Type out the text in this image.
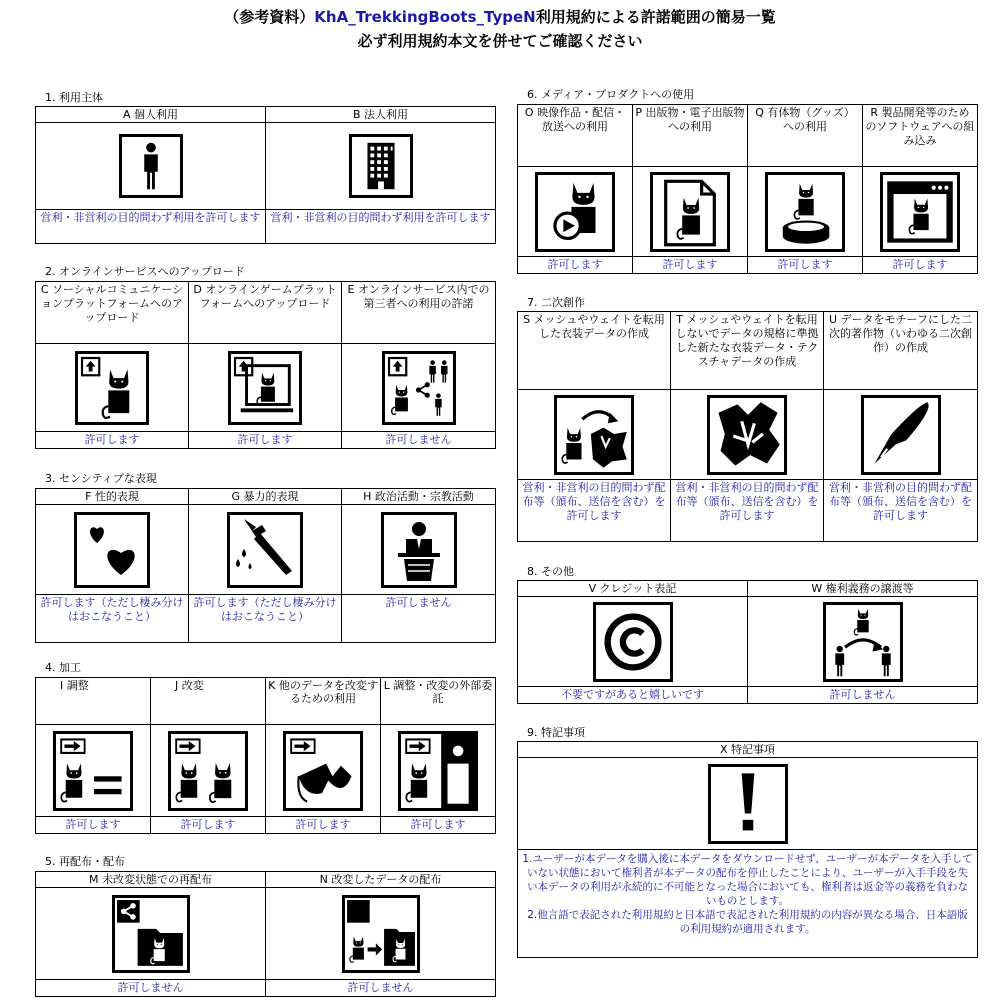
（参考資料）KhA_TrekkingBoots_TypeN利用規約による許諾範囲の簡易一覧
必ず利用規約本文を併せてご確認ください
1. 利用主体
A 個人利用	B 法人利用

営利・非営利の目的問わず利用を許可します	営利・非営利の目的問わず利用を許可します
2. オンラインサービスへのアップロード
C ソーシャルコミュニケーションプラットフォームへのアップロード	D オンラインゲームプラットフォームへのアップロード	E オンラインサービス内での第三者への利用の許諾

許可します	許可します	許可しません
3. センシティブな表現
F 性的表現	G 暴力的表現	H 政治活動・宗教活動

許可します（ただし棲み分けはおこなうこと）	許可します（ただし棲み分けはおこなうこと）	許可しません
4. 加工
I 調整	J 改変	K 他のデータを改変するための利用	L 調整・改変の外部委託

許可します	許可します	許可します	許可します
5. 再配布・配布
M 未改変状態での再配布	N 改変したデータの配布

許可しません	許可しません
6. メディア・プロダクトへの使用
O 映像作品・配信・放送への利用	P 出版物・電子出版物への利用	Q 有体物（グッズ）への利用	R 製品開発等のためのソフトウェアへの組み込み

許可します	許可します	許可します	許可します
7. 二次創作
S メッシュやウェイトを転用した衣装データの作成	T メッシュやウェイトを転用しないでデータの規格に準拠した新たな衣装データ・テクスチャデータの作成	U データをモチーフにした二次的著作物（いわゆる二次創作）の作成

営利・非営利の目的問わず配布等（頒布、送信を含む）を許可します	営利・非営利の目的問わず配布等（頒布、送信を含む）を許可します	営利・非営利の目的問わず配布等（頒布、送信を含む）を許可します
8. その他
V クレジット表記	W 権利義務の譲渡等

不要ですがあると嬉しいです	許可しません
9. 特記事項
X 特記事項

1.ユーザーが本データを購入後に本データをダウンロードせず、ユーザーが本データを入手していない状態において権利者が本データの配布を停止したことにより、ユーザーが入手手段を失い本データの利用が永続的に不可能となった場合においても、権利者は返金等の義務を負わないものとします。
2.他言語で表記された利用規約と日本語で表記された利用規約の内容が異なる場合、日本語版の利用規約が適用されます。
